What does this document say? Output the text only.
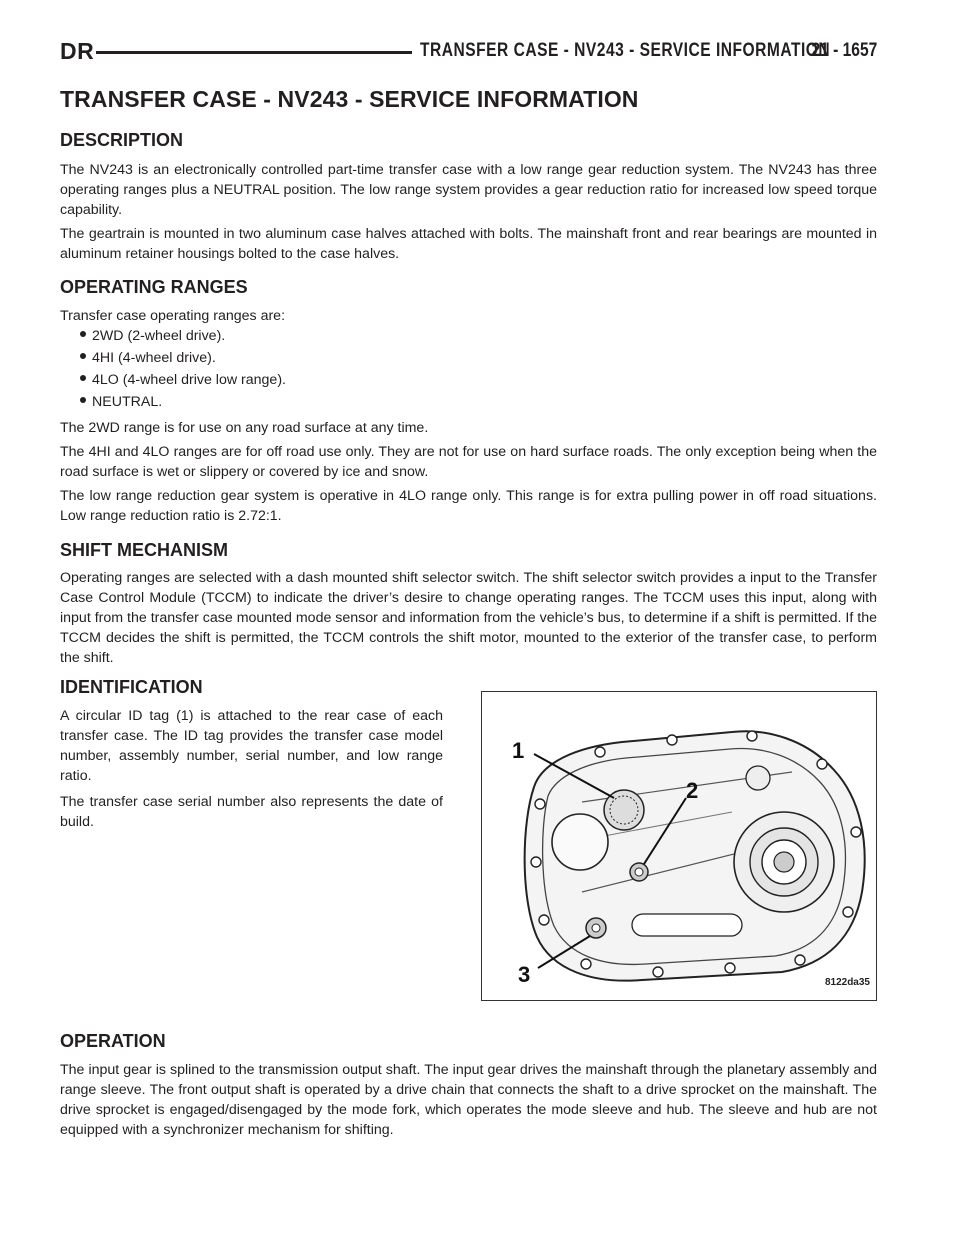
DR	TRANSFER CASE - NV243 - SERVICE INFORMATION
21 - 1657
TRANSFER CASE - NV243 - SERVICE INFORMATION
DESCRIPTION

The NV243 is an electronically controlled part-time transfer case with a low range gear reduction system. The NV243 has three operating ranges plus a NEUTRAL position. The low range system provides a gear reduction ratio for increased low speed torque capability.

The geartrain is mounted in two aluminum case halves attached with bolts. The mainshaft front and rear bearings are mounted in aluminum retainer housings bolted to the case halves.

OPERATING RANGES

Transfer case operating ranges are:

2WD (2-wheel drive).
4HI (4-wheel drive).
4LO (4-wheel drive low range).
NEUTRAL.

The 2WD range is for use on any road surface at any time.

The 4HI and 4LO ranges are for off road use only. They are not for use on hard surface roads. The only exception being when the road surface is wet or slippery or covered by ice and snow.

The low range reduction gear system is operative in 4LO range only. This range is for extra pulling power in off road situations. Low range reduction ratio is 2.72:1.

SHIFT MECHANISM

Operating ranges are selected with a dash mounted shift selector switch. The shift selector switch provides a input to the Transfer Case Control Module (TCCM) to indicate the driver’s desire to change operating ranges. The TCCM uses this input, along with input from the transfer case mounted mode sensor and information from the vehicle’s bus, to determine if a shift is permitted. If the TCCM decides the shift is permitted, the TCCM controls the shift motor, mounted to the exterior of the transfer case, to perform the shift.

IDENTIFICATION

A circular ID tag (1) is attached to the rear case of each transfer case. The ID tag provides the transfer case model number, assembly number, serial number, and low range ratio.

The transfer case serial number also represents the date of build.

1
2
3	8122da35
OPERATION

The input gear is splined to the transmission output shaft. The input gear drives the mainshaft through the planetary assembly and range sleeve. The front output shaft is operated by a drive chain that connects the shaft to a drive sprocket on the mainshaft. The drive sprocket is engaged/disengaged by the mode fork, which operates the mode sleeve and hub. The sleeve and hub are not equipped with a synchronizer mechanism for shifting.
